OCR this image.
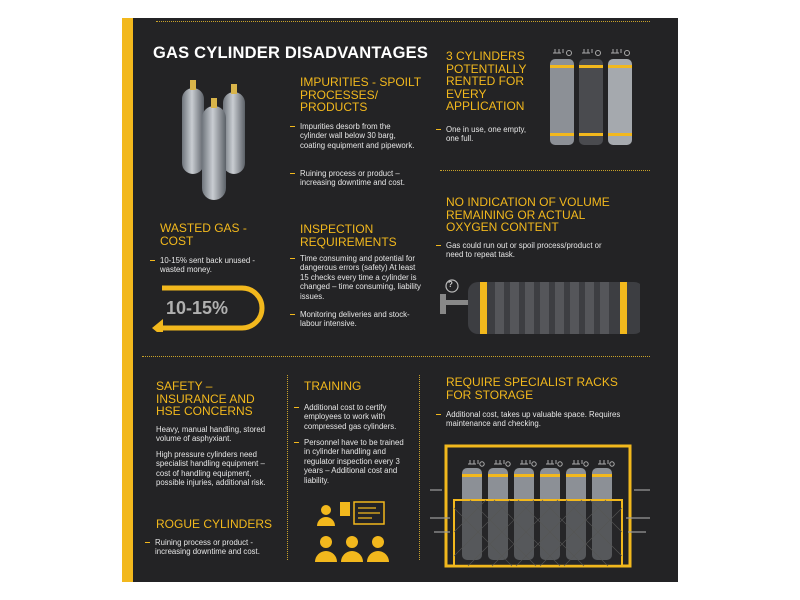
GAS CYLINDER DISADVANTAGES

IMPURITIES - SPOILT PROCESSES/ PRODUCTS

Impurities desorb from the cylinder wall below 30 barg, coating equipment and pipework.

Ruining process or product – increasing downtime and cost.

3 CYLINDERS POTENTIALLY RENTED FOR EVERY APPLICATION

One in use, one empty, one full.

WASTED GAS - COST

10-15% sent back unused - wasted money.

10-15%

INSPECTION REQUIREMENTS

Time consuming and potential for dangerous errors (safety) At least 15 checks every time a cylinder is changed – time consuming, liability issues.

Monitoring deliveries and stock- labour intensive.

NO INDICATION OF VOLUME REMAINING OR ACTUAL OXYGEN CONTENT

Gas could run out or spoil process/product or need to repeat task.

?

SAFETY – INSURANCE AND HSE CONCERNS

Heavy, manual handling, stored volume of asphyxiant.

High pressure cylinders need specialist handling equipment – cost of handling equipment, possible injuries, additional risk.

ROGUE CYLINDERS

Ruining process or product - increasing downtime and cost.

TRAINING

Additional cost to certify employees to work with compressed gas cylinders.

Personnel have to be trained in cylinder handling and regulator inspection every 3 years – Additional cost and liability.

REQUIRE SPECIALIST RACKS FOR STORAGE

Additional cost, takes up valuable space. Requires maintenance and checking.
